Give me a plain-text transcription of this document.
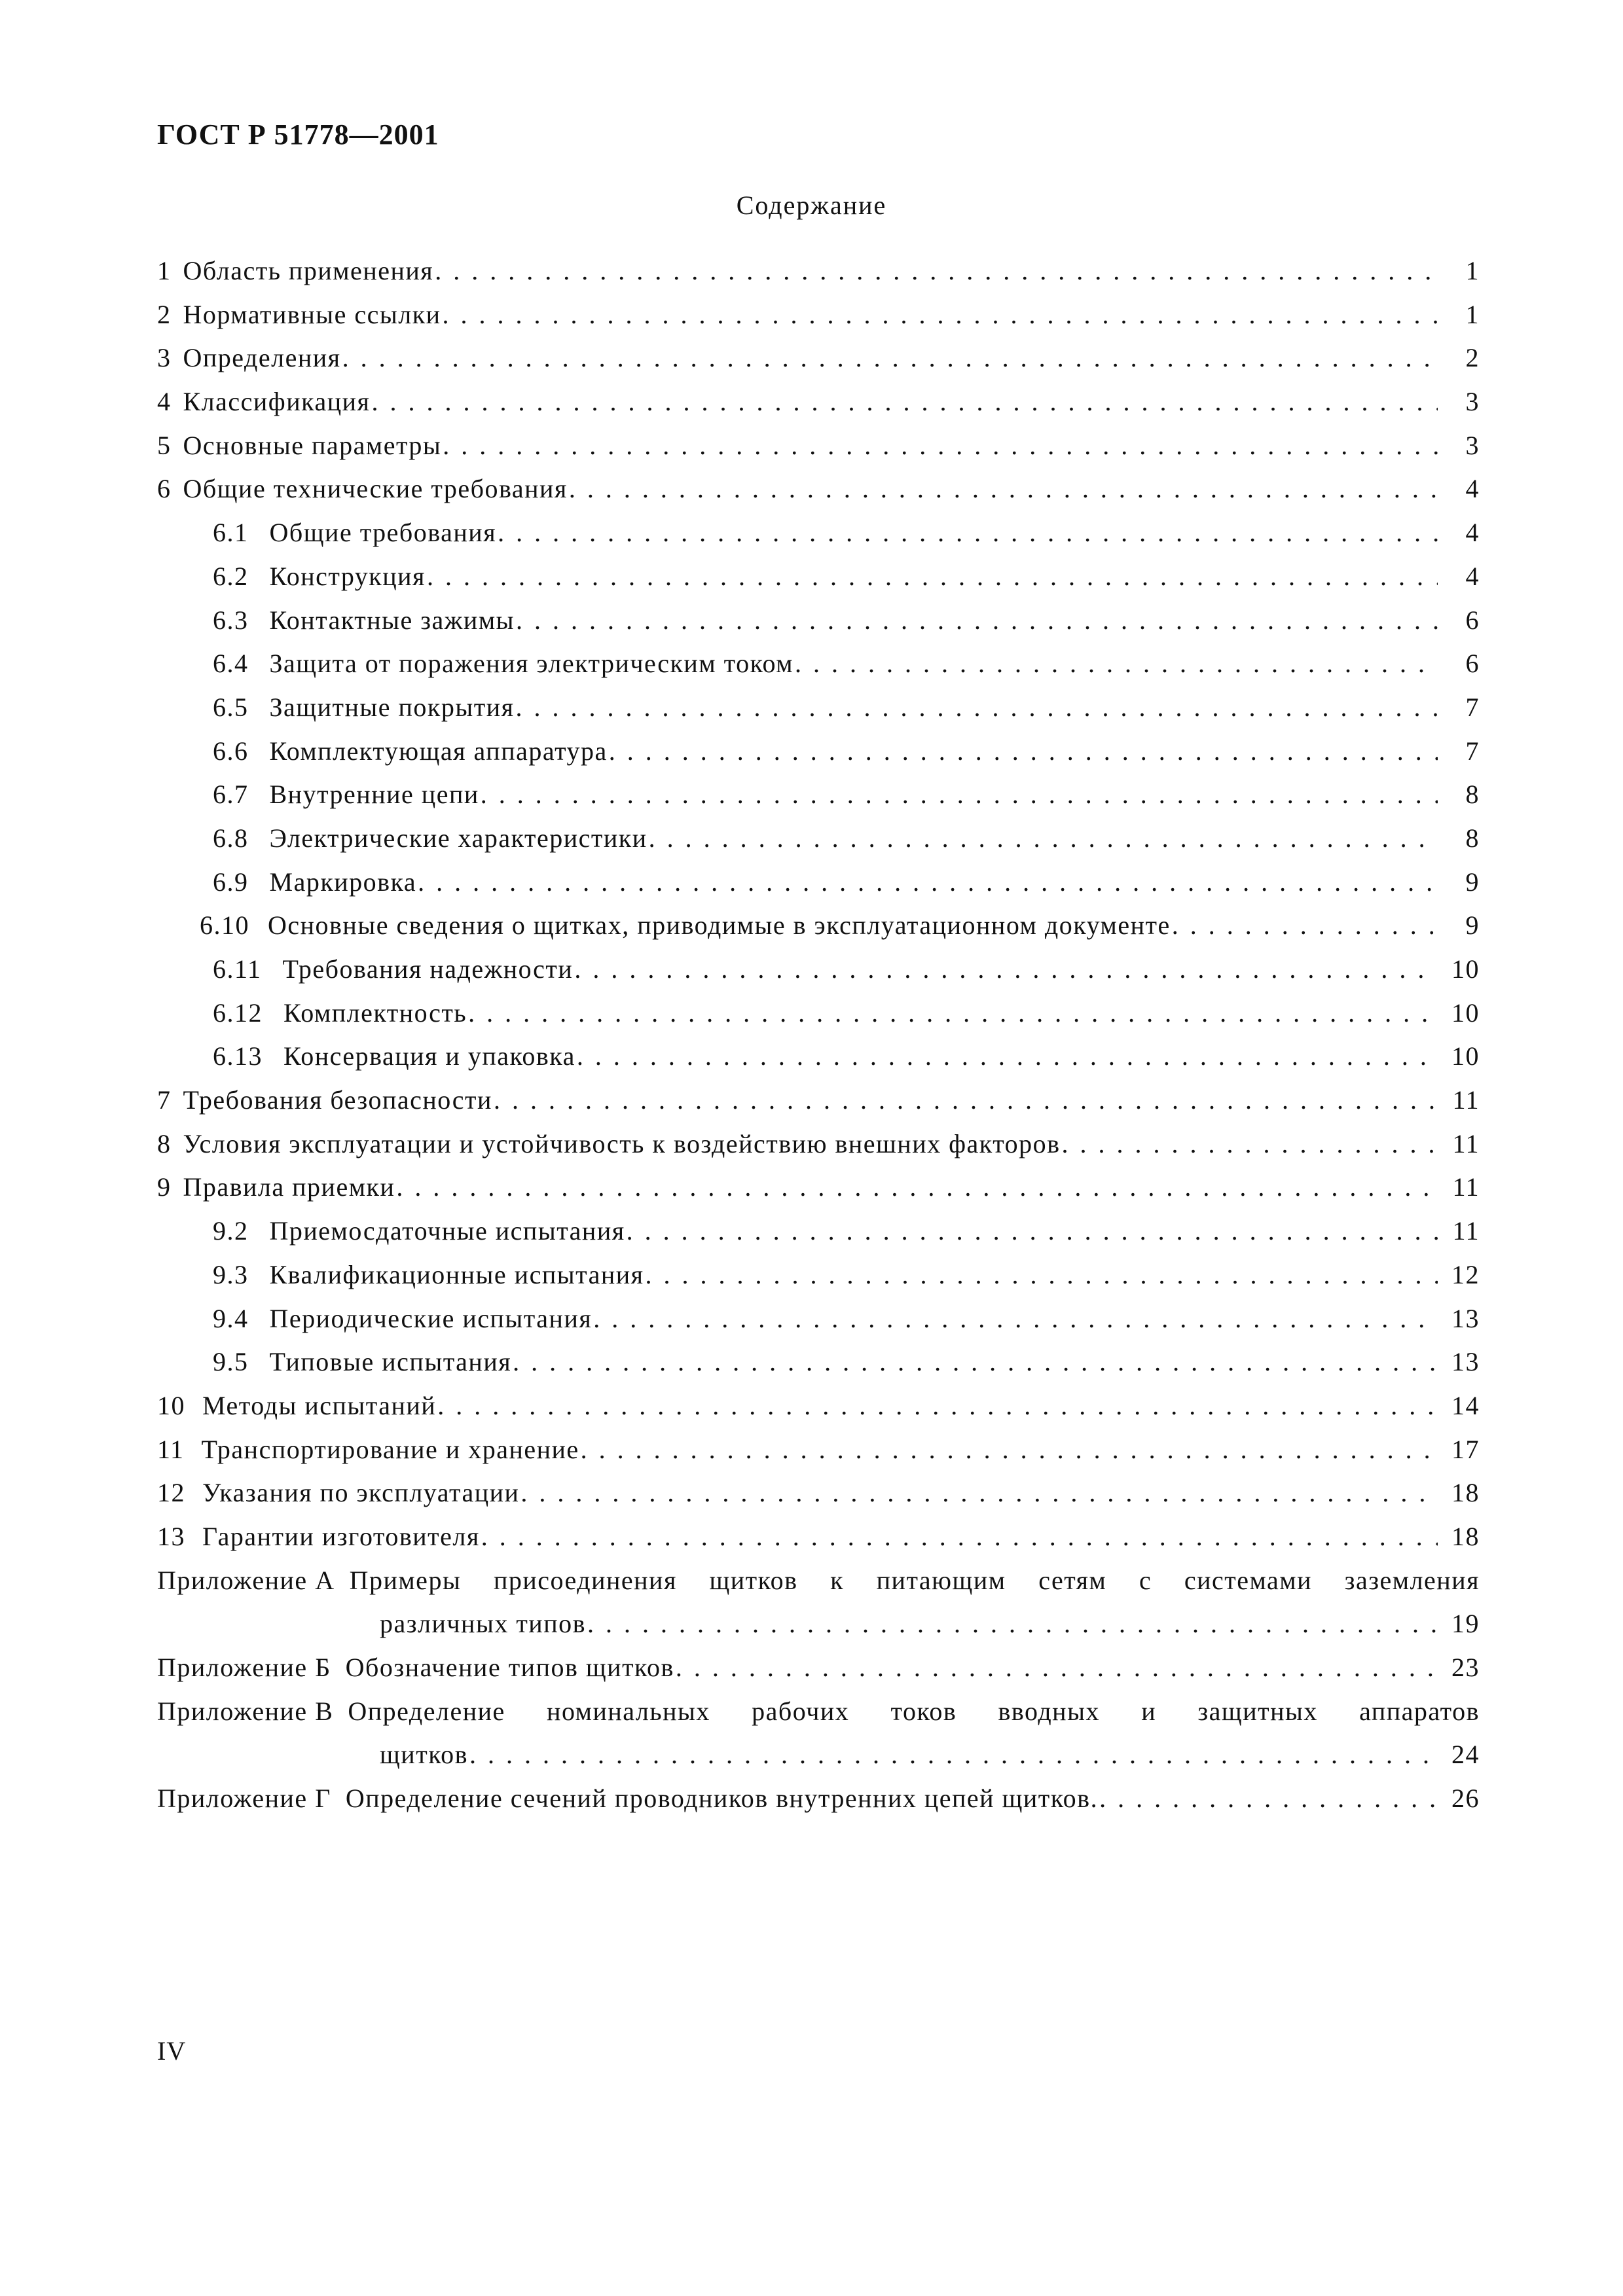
ГОСТ Р 51778—2001
Содержание
1 Область применения . . .	1
2 Нормативные ссылки . . .	1
3 Определения . . .	2
4 Классификация . . .	3
5 Основные параметры . . .	3
6 Общие технические требования . . .	4
6.1 Общие требования . . .	4
6.2 Конструкция . . .	4
6.3 Контактные зажимы . . .	6
6.4 Защита от поражения электрическим током . . .	6
6.5 Защитные покрытия . . .	7
6.6 Комплектующая аппаратура . . .	7
6.7 Внутренние цепи . . .	8
6.8 Электрические характеристики . . .	8
6.9 Маркировка . . .	9
6.10 Основные сведения о щитках, приводимые в эксплуатационном документе . . .	9
6.11 Требования надежности . . .	10
6.12 Комплектность . . .	10
6.13 Консервация и упаковка . . .	10
7 Требования безопасности . . .	11
8 Условия эксплуатации и устойчивость к воздействию внешних факторов . . .	11
9 Правила приемки . . .	11
9.2 Приемосдаточные испытания . . .	11
9.3 Квалификационные испытания . . .	12
9.4 Периодические испытания . . .	13
9.5 Типовые испытания . . .	13
10 Методы испытаний . . .	14
11 Транспортирование и хранение . . .	17
12 Указания по эксплуатации . . .	18
13 Гарантии изготовителя . . .	18
Приложение А Примеры присоединения щитков к питающим сетям с системами заземления
различных типов . . .	19
Приложение Б Обозначение типов щитков . . .	23
Приложение В Определение номинальных рабочих токов вводных и защитных аппаратов
щитков . . .	24
Приложение Г Определение сечений проводников внутренних цепей щитков. . . .	26
IV
